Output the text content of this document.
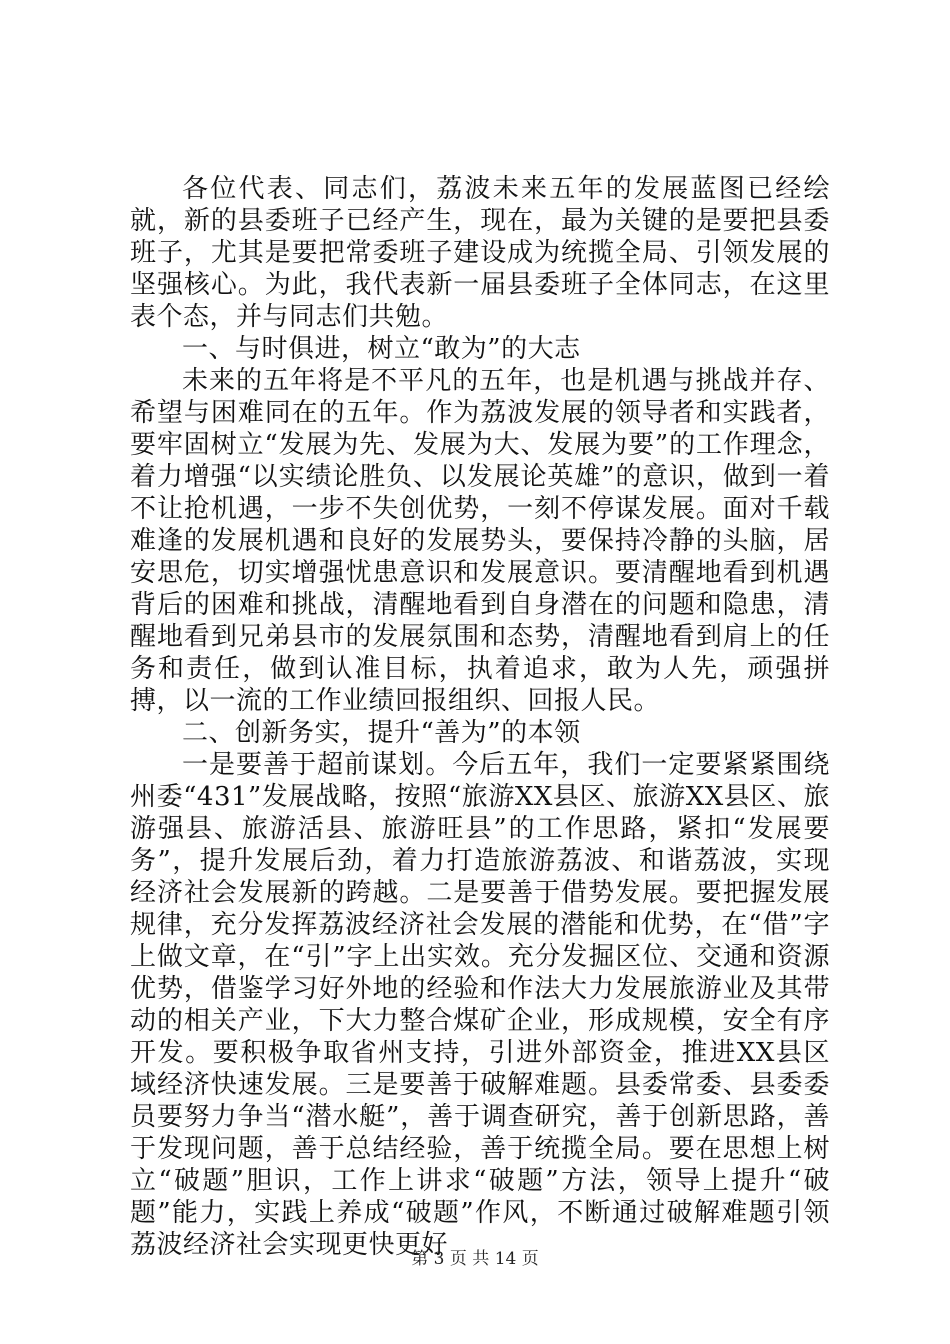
各位代表、同志们，荔波未来五年的发展蓝图已经绘就，新的县委班子已经产生，现在，最为关键的是要把县委班子，尤其是要把常委班子建设成为统揽全局、引领发展的坚强核心。为此，我代表新一届县委班子全体同志，在这里表个态，并与同志们共勉。

一、与时俱进，树立“敢为”的大志

未来的五年将是不平凡的五年，也是机遇与挑战并存、希望与困难同在的五年。作为荔波发展的领导者和实践者，要牢固树立“发展为先、发展为大、发展为要”的工作理念，着力增强“以实绩论胜负、以发展论英雄”的意识，做到一着不让抢机遇，一步不失创优势，一刻不停谋发展。面对千载难逢的发展机遇和良好的发展势头，要保持冷静的头脑，居安思危，切实增强忧患意识和发展意识。要清醒地看到机遇背后的困难和挑战，清醒地看到自身潜在的问题和隐患，清醒地看到兄弟县市的发展氛围和态势，清醒地看到肩上的任务和责任，做到认准目标，执着追求，敢为人先，顽强拼搏，以一流的工作业绩回报组织、回报人民。

二、创新务实，提升“善为”的本领

一是要善于超前谋划。今后五年，我们一定要紧紧围绕州委“431”发展战略，按照“旅游XX县区、旅游XX县区、旅游强县、旅游活县、旅游旺县”的工作思路，紧扣“发展要务”，提升发展后劲，着力打造旅游荔波、和谐荔波，实现经济社会发展新的跨越。二是要善于借势发展。要把握发展规律，充分发挥荔波经济社会发展的潜能和优势，在“借”字上做文章，在“引”字上出实效。充分发掘区位、交通和资源优势，借鉴学习好外地的经验和作法大力发展旅游业及其带动的相关产业，下大力整合煤矿企业，形成规模，安全有序开发。要积极争取省州支持，引进外部资金，推进XX县区域经济快速发展。三是要善于破解难题。县委常委、县委委员要努力争当“潜水艇”，善于调查研究，善于创新思路，善于发现问题，善于总结经验，善于统揽全局。要在思想上树立“破题”胆识，工作上讲求“破题”方法，领导上提升“破题”能力，实践上养成“破题”作风，不断通过破解难题引领荔波经济社会实现更快更好

第 3 页 共 14 页
